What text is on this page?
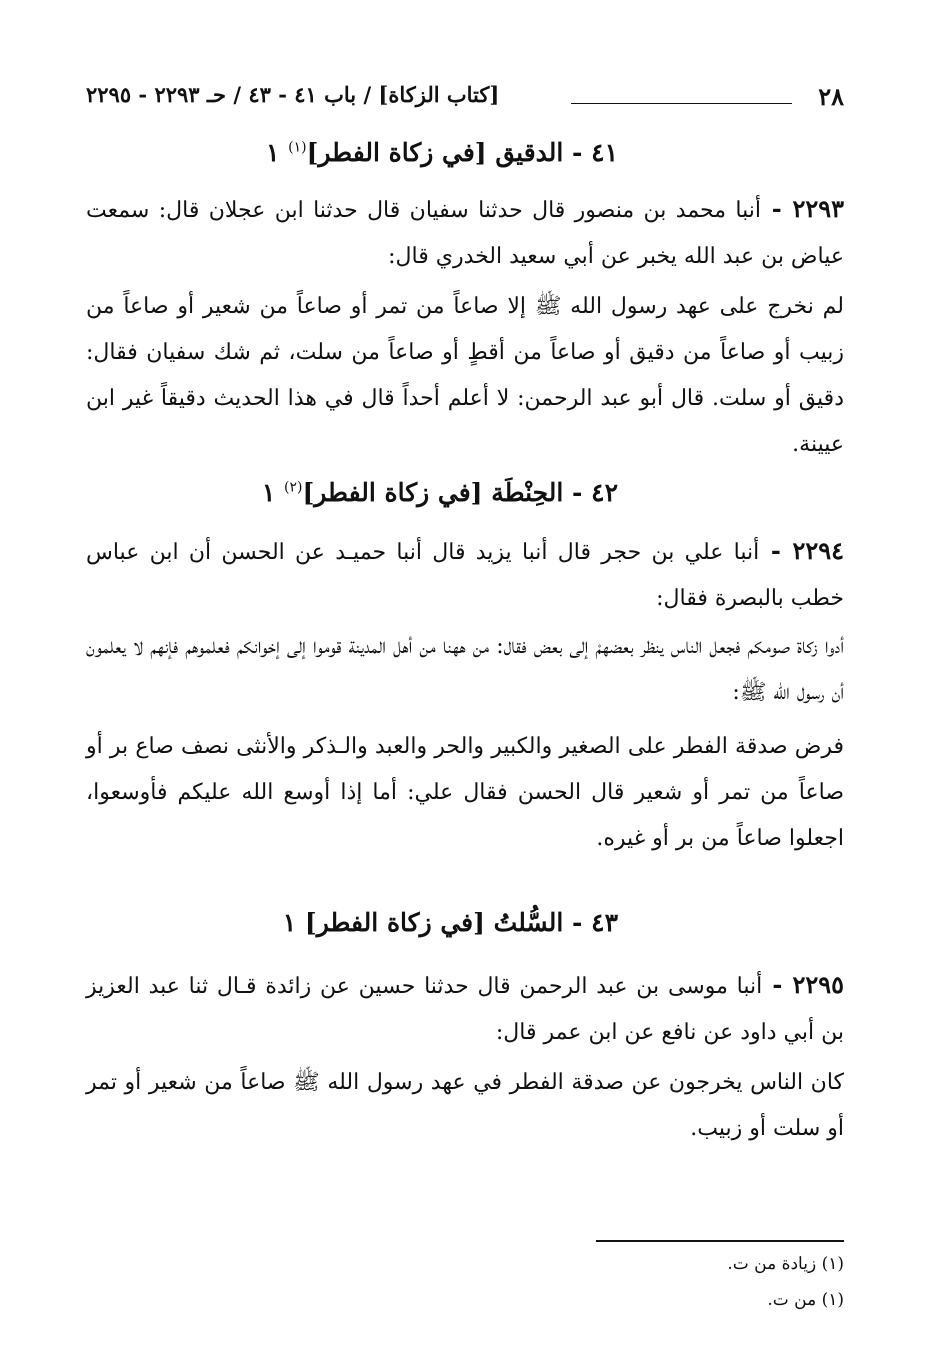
٢٨
[كتاب الزكاة] / باب ٤١ - ٤٣ / حـ ٢٢٩٣ - ٢٢٩٥
٤١ - الدقيق [في زكاة الفطر]$^{(١)}$ ١

٢٢٩٣ - أنبا محمد بن منصور قال حدثنا سفيان قال حدثنا ابن عجلان قال: سمعت عياض بن عبد الله يخبر عن أبي سعيد الخدري قال:

لم نخرج على عهد رسول الله ﷺ إلا صاعاً من تمر أو صاعاً من شعير أو صاعاً من زبيب أو صاعاً من دقيق أو صاعاً من أقطٍ أو صاعاً من سلت، ثم شك سفيان فقال: دقيق أو سلت. قال أبو عبد الرحمن: لا أعلم أحداً قال في هذا الحديث دقيقاً غير ابن عيينة.

٤٢ - الحِنْطَة [في زكاة الفطر]$^{(٢)}$ ١

٢٢٩٤ - أنبا علي بن حجر قال أنبا يزيد قال أنبا حميـد عن الحسن أن ابن عباس خطب بالبصرة فقال:

أدوا زكاة صومكم فجعل الناس ينظر بعضهمْ إلى بعض فقال: من ههنا من أهل المدينة قوموا إلى إخوانكم فعلموهم فإنهم لا يعلمون أن رسول الله ﷺ:

فرض صدقة الفطر على الصغير والكبير والحر والعبد والـذكر والأنثى نصف صاع بر أو صاعاً من تمر أو شعير قال الحسن فقال علي: أما إذا أوسع الله عليكم فأوسعوا، اجعلوا صاعاً من بر أو غيره.

٤٣ - السُّلتُ [في زكاة الفطر] ١

٢٢٩٥ - أنبا موسى بن عبد الرحمن قال حدثنا حسين عن زائدة قـال ثنا عبد العزيز بن أبي داود عن نافع عن ابن عمر قال:

كان الناس يخرجون عن صدقة الفطر في عهد رسول الله ﷺ صاعاً من شعير أو تمر أو سلت أو زبيب.

(١) زيادة من ت.
(١) من ت.
